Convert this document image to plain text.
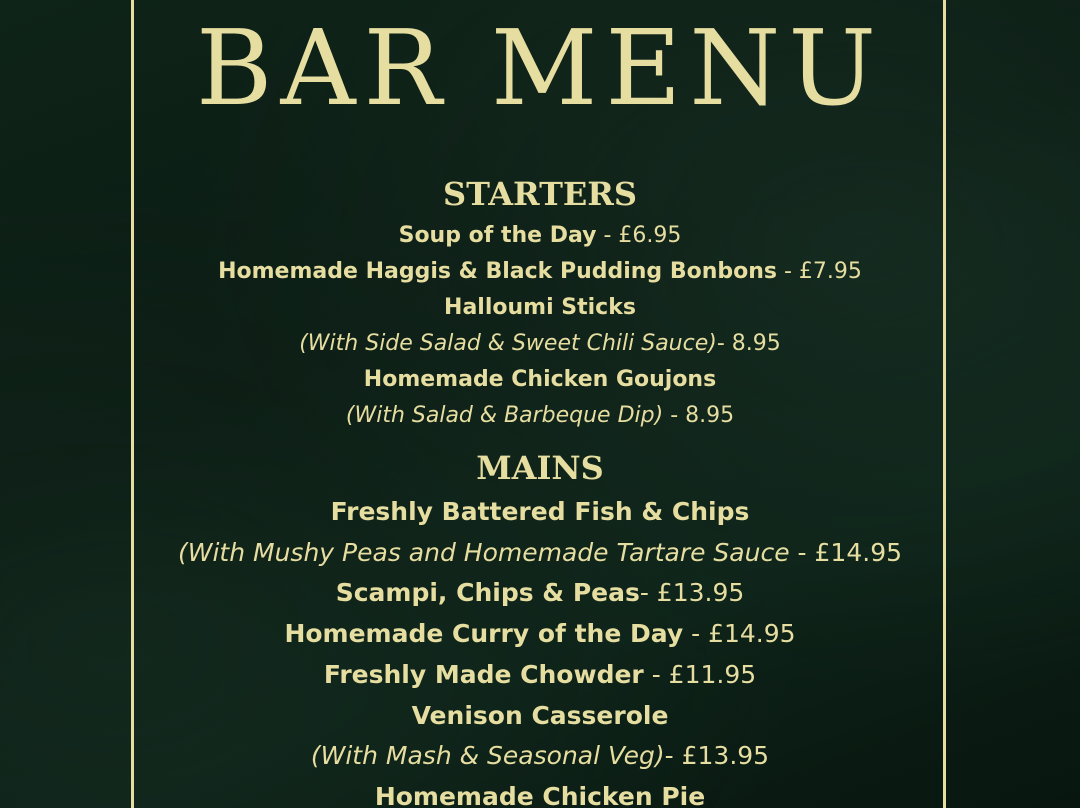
BAR MENU
STARTERS
Soup of the Day - £6.95
Homemade Haggis & Black Pudding Bonbons - £7.95
Halloumi Sticks
(With Side Salad & Sweet Chili Sauce)- 8.95
Homemade Chicken Goujons
(With Salad & Barbeque Dip) - 8.95
MAINS
Freshly Battered Fish & Chips
(With Mushy Peas and Homemade Tartare Sauce - £14.95
Scampi, Chips & Peas- £13.95
Homemade Curry of the Day - £14.95
Freshly Made Chowder - £11.95
Venison Casserole
(With Mash & Seasonal Veg)- £13.95
Homemade Chicken Pie
